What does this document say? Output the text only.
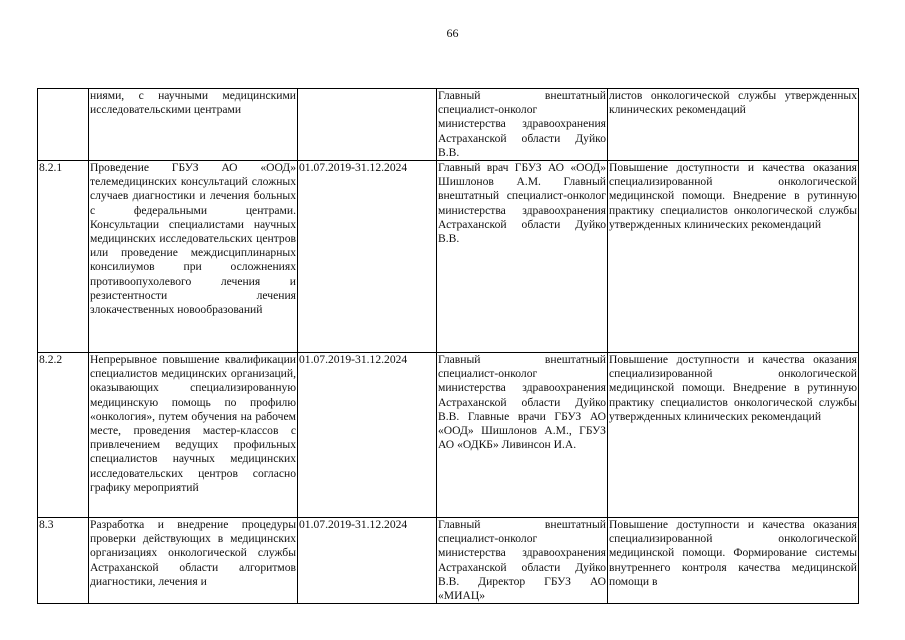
66
	ниями, с научными медицинскими исследовательскими центрами		Главный внештатный специалист-онколог министерства здравоохранения Астраханской области Дуйко В.В.	листов онкологической службы утвержденных клинических рекомендаций
8.2.1	Проведение ГБУЗ АО «ООД» телемедицинских консультаций сложных случаев диагностики и лечения больных с федеральными центрами. Консультации специалистами научных медицинских исследовательских центров или проведение междисциплинарных консилиумов при осложнениях противоопухолевого лечения и резистентности лечения злокачественных новообразований	01.07.2019-31.12.2024	Главный врач ГБУЗ АО «ООД» Шишлонов А.М. Главный внештатный специалист-онколог министерства здравоохранения Астраханской области Дуйко В.В.	Повышение доступности и качества оказания специализированной онкологической медицинской помощи. Внедрение в рутинную практику специалистов онкологической службы утвержденных клинических рекомендаций
8.2.2	Непрерывное повышение квалификации специалистов медицинских организаций, оказывающих специализированную медицинскую помощь по профилю «онкология», путем обучения на рабочем месте, проведения мастер-классов с привлечением ведущих профильных специалистов научных медицинских исследовательских центров согласно графику мероприятий	01.07.2019-31.12.2024	Главный внештатный специалист-онколог министерства здравоохранения Астраханской области Дуйко В.В. Главные врачи ГБУЗ АО «ООД» Шишлонов А.М., ГБУЗ АО «ОДКБ» Ливинсон И.А.	Повышение доступности и качества оказания специализированной онкологической медицинской помощи. Внедрение в рутинную практику специалистов онкологической службы утвержденных клинических рекомендаций
8.3	Разработка и внедрение процедуры проверки действующих в медицинских организациях онкологической службы Астраханской области алгоритмов диагностики, лечения и	01.07.2019-31.12.2024	Главный внештатный специалист-онколог министерства здравоохранения Астраханской области Дуйко В.В. Директор ГБУЗ АО «МИАЦ»	Повышение доступности и качества оказания специализированной онкологической медицинской помощи. Формирование системы внутреннего контроля качества медицинской помощи в
